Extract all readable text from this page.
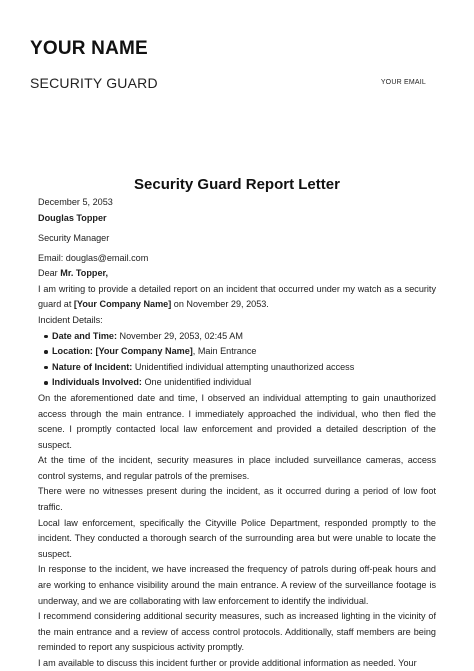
YOUR NAME
SECURITY GUARD	YOUR EMAIL
Security Guard Report Letter

December 5, 2053

Douglas Topper

Security Manager

Email: douglas@email.com

Dear Mr. Topper,

I am writing to provide a detailed report on an incident that occurred under my watch as a security guard at [Your Company Name] on November 29, 2053.

Incident Details:

Date and Time: November 29, 2053, 02:45 AM
Location: [Your Company Name], Main Entrance
Nature of Incident: Unidentified individual attempting unauthorized access
Individuals Involved: One unidentified individual

On the aforementioned date and time, I observed an individual attempting to gain unauthorized access through the main entrance. I immediately approached the individual, who then fled the scene. I promptly contacted local law enforcement and provided a detailed description of the suspect.

At the time of the incident, security measures in place included surveillance cameras, access control systems, and regular patrols of the premises.

There were no witnesses present during the incident, as it occurred during a period of low foot traffic.

Local law enforcement, specifically the Cityville Police Department, responded promptly to the incident. They conducted a thorough search of the surrounding area but were unable to locate the suspect.

In response to the incident, we have increased the frequency of patrols during off-peak hours and are working to enhance visibility around the main entrance. A review of the surveillance footage is underway, and we are collaborating with law enforcement to identify the individual.

I recommend considering additional security measures, such as increased lighting in the vicinity of the main entrance and a review of access control protocols. Additionally, staff members are being reminded to report any suspicious activity promptly.

I am available to discuss this incident further or provide additional information as needed. Your
